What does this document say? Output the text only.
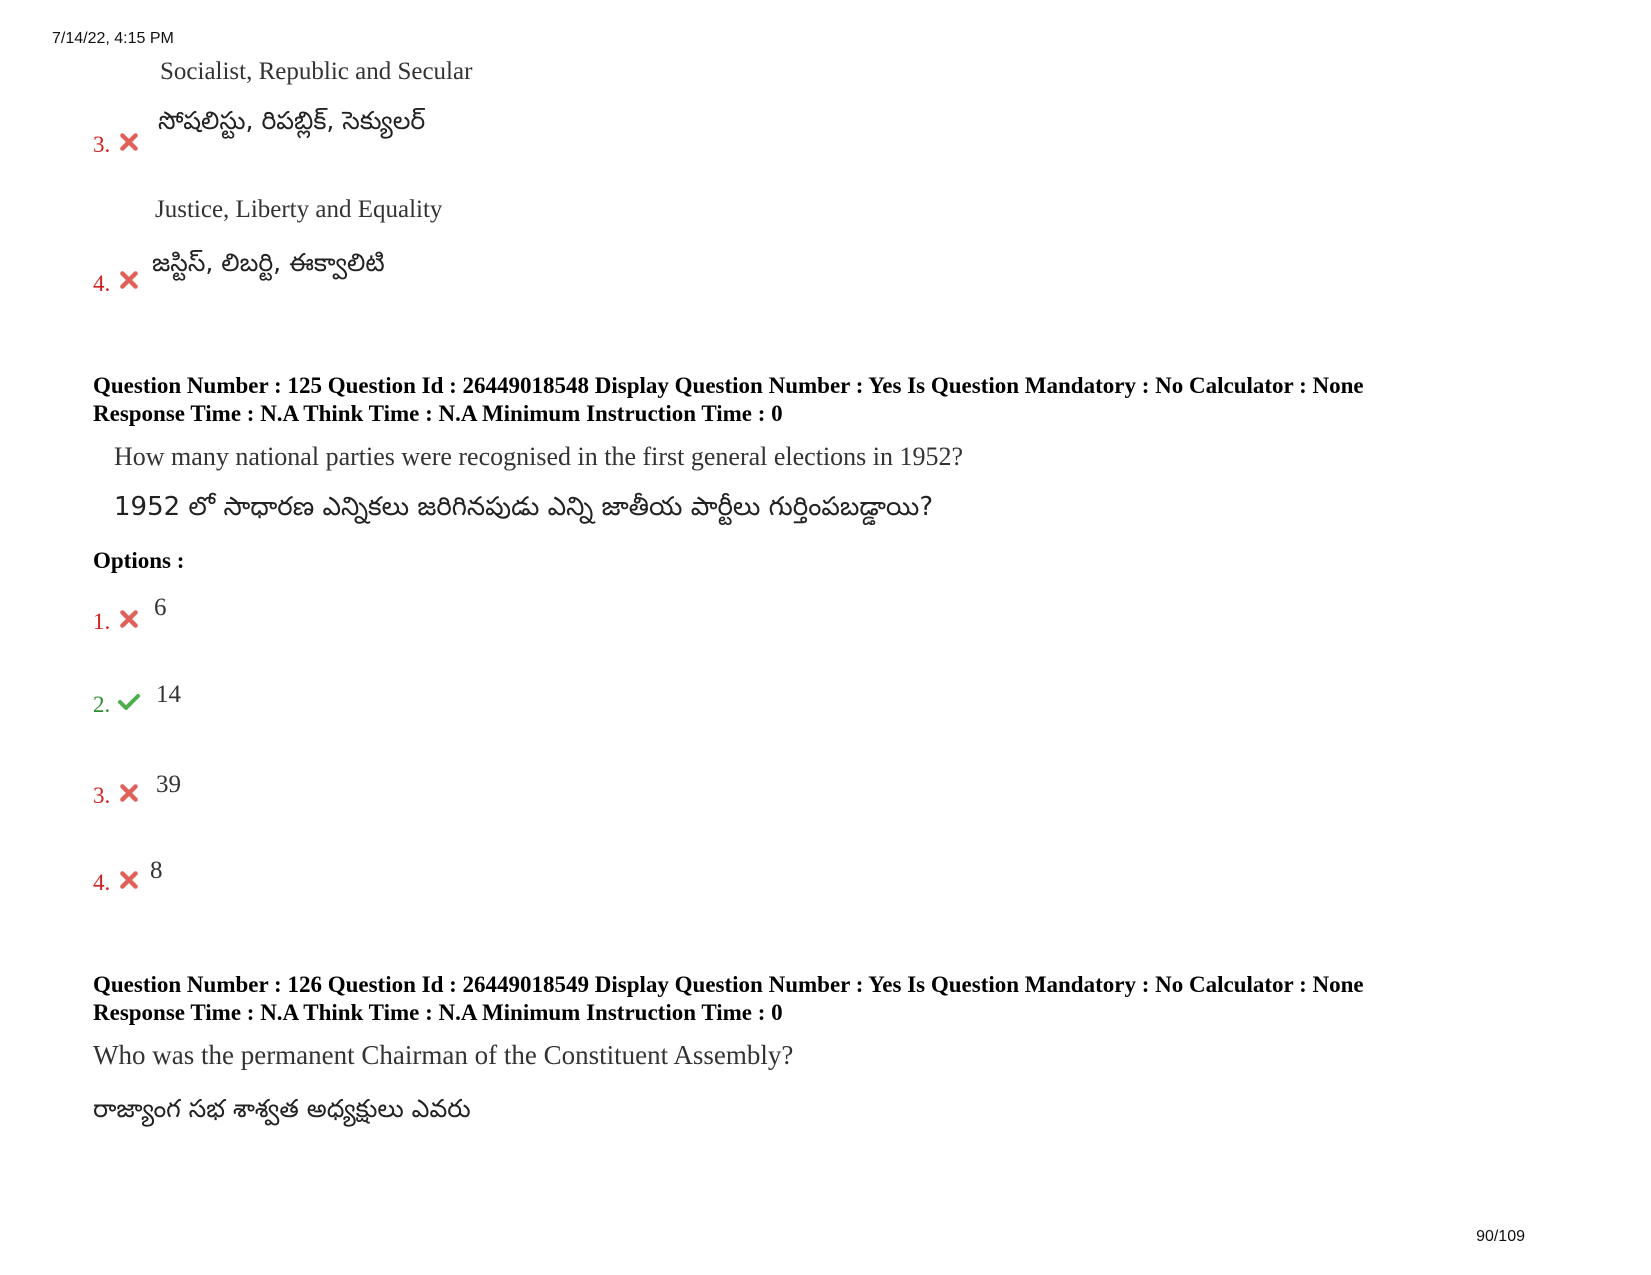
7/14/22, 4:15 PM
Socialist, Republic and Secular
సోషలిస్టు, రిపబ్లిక్, సెక్యులర్
3.
Justice, Liberty and Equality
జస్టిస్, లిబర్టి, ఈక్వాలిటి
4.
Question Number : 125 Question Id : 26449018548 Display Question Number : Yes Is Question Mandatory : No Calculator : None
Response Time : N.A Think Time : N.A Minimum Instruction Time : 0
How many national parties were recognised in the first general elections in 1952?
1952 లో సాధారణ ఎన్నికలు జరిగినపుడు ఎన్ని జాతీయ పార్టీలు గుర్తింపబడ్డాయి?
Options :
1.
6
2. 14
3. 39
4. 8
Question Number : 126 Question Id : 26449018549 Display Question Number : Yes Is Question Mandatory : No Calculator : None
Response Time : N.A Think Time : N.A Minimum Instruction Time : 0
Who was the permanent Chairman of the Constituent Assembly?
రాజ్యాంగ సభ శాశ్వత అధ్యక్షులు ఎవరు
90/109
